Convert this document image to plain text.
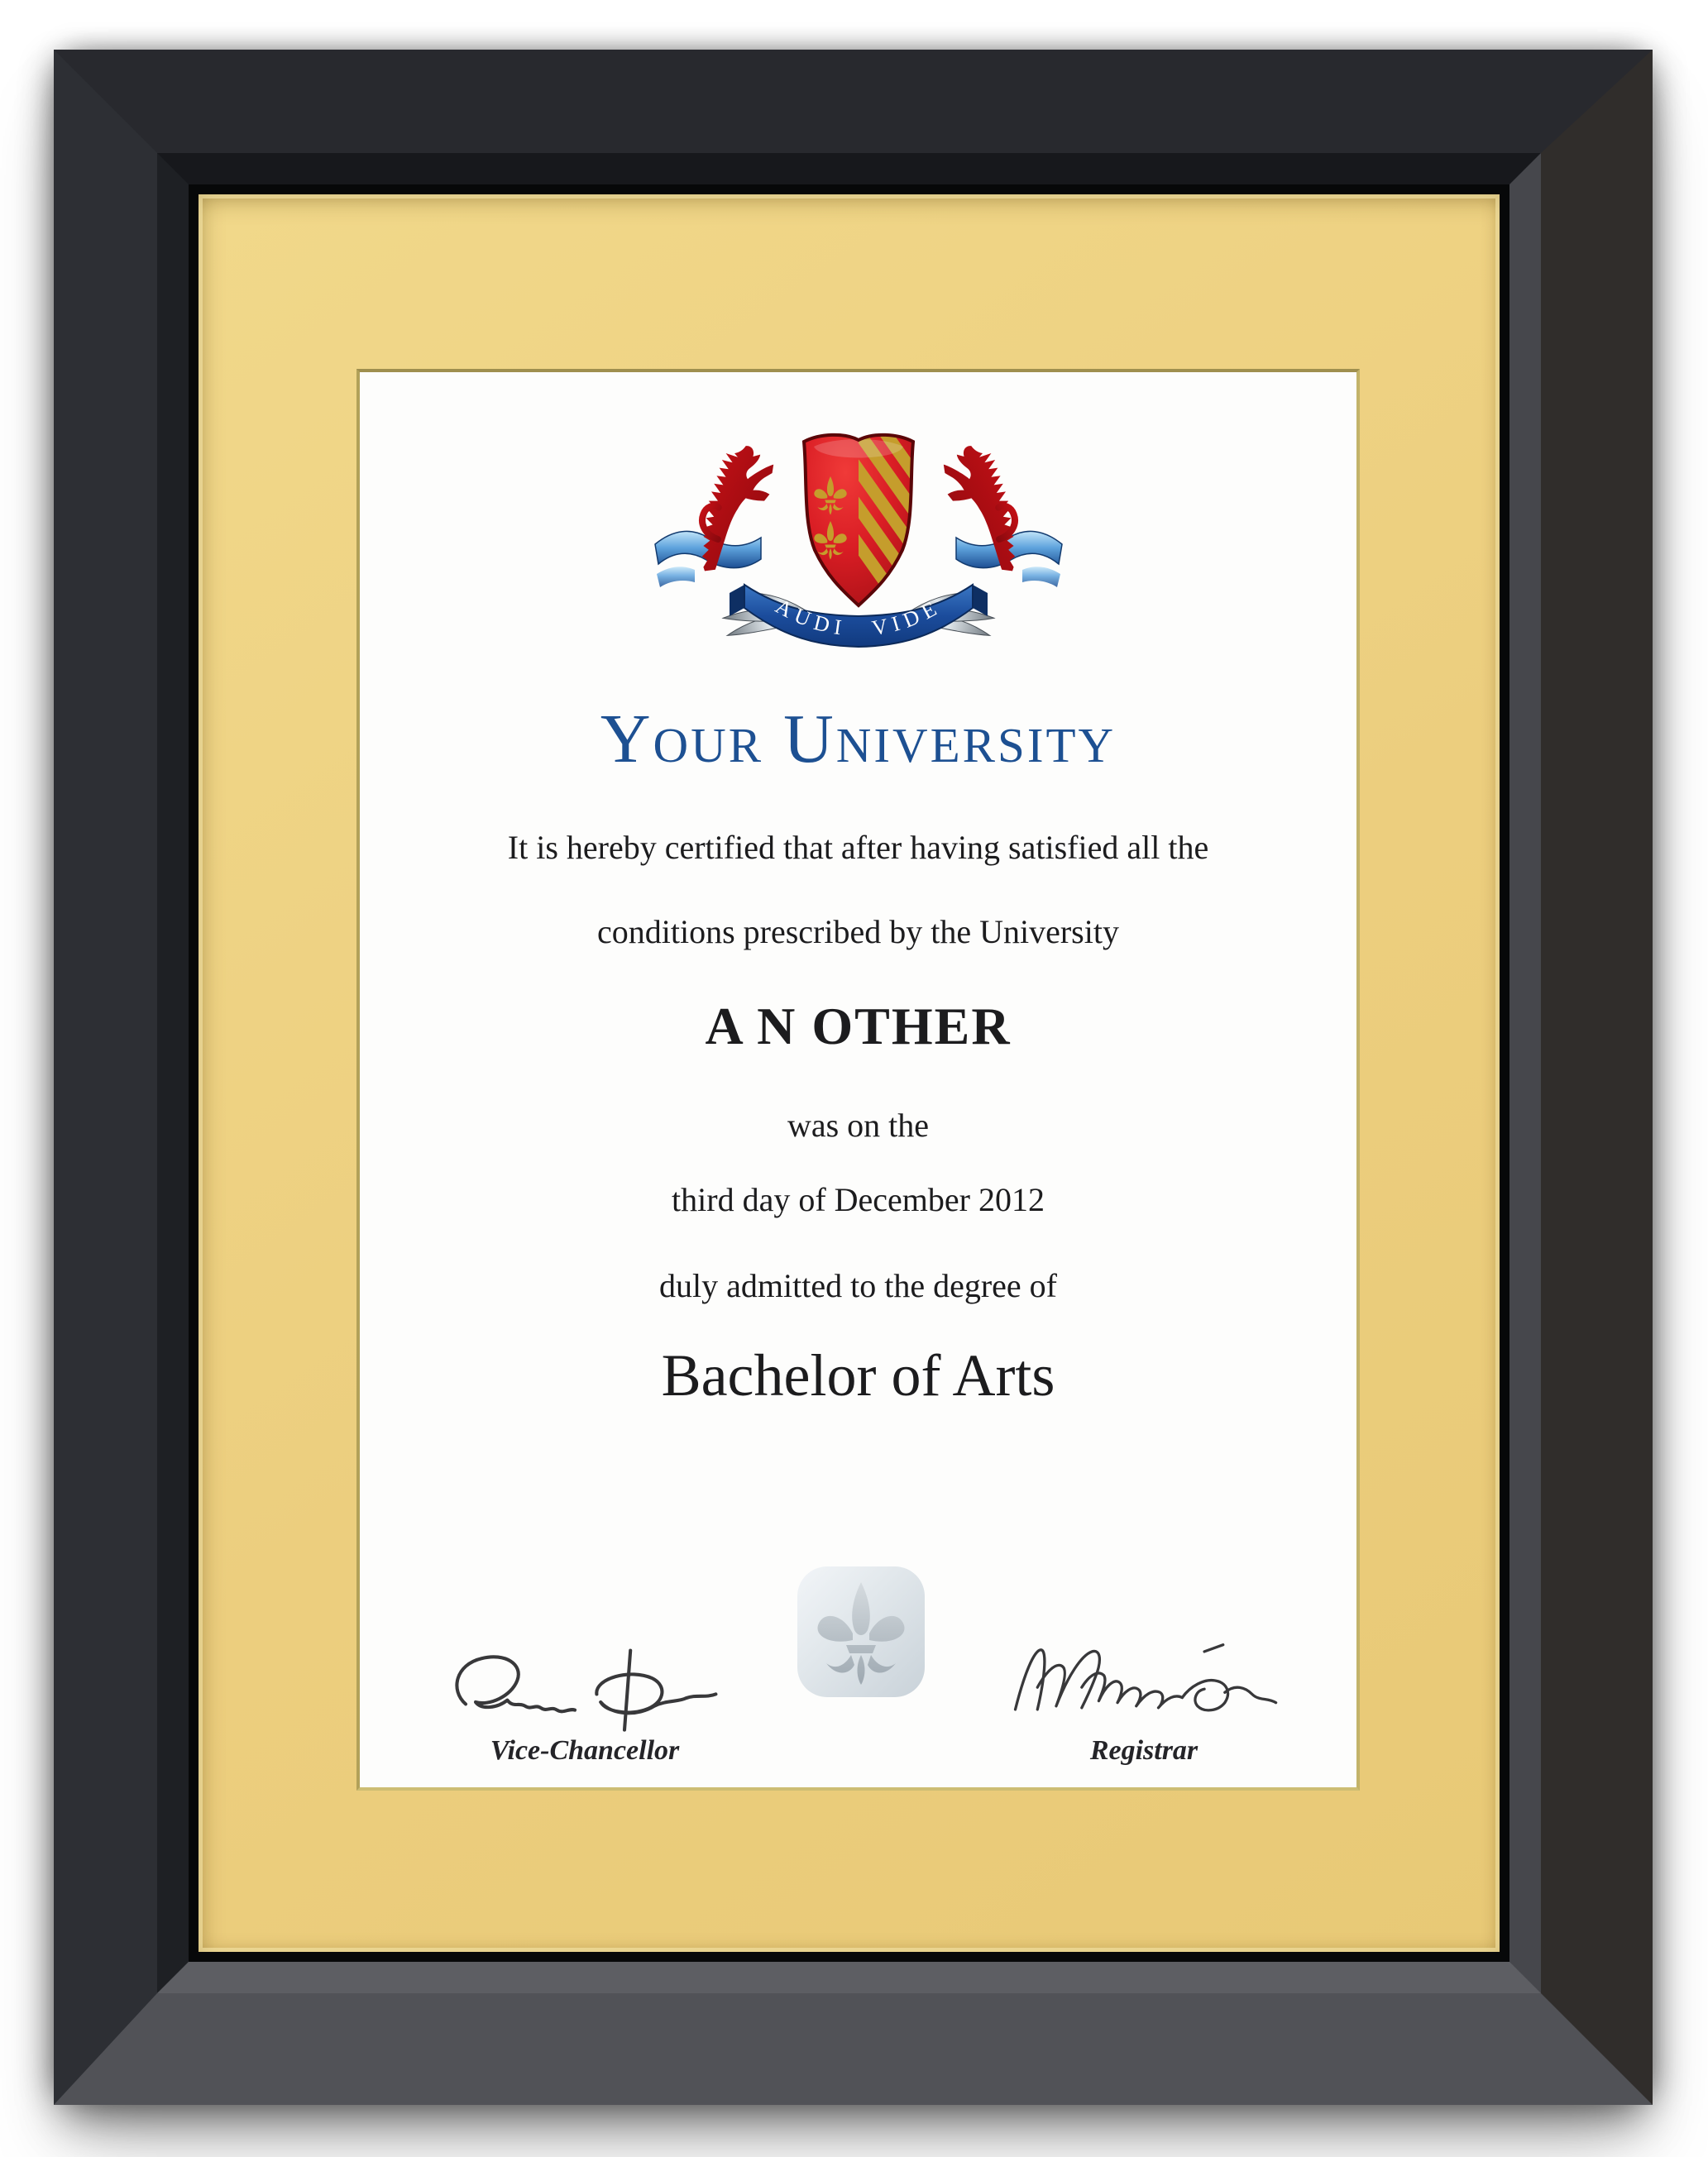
AUDI VIDE
Your University
It is hereby certified that after having satisfied all the
conditions prescribed by the University
A N OTHER
was on the
third day of December 2012
duly admitted to the degree of
Bachelor of Arts
Vice-Chancellor	Registrar
